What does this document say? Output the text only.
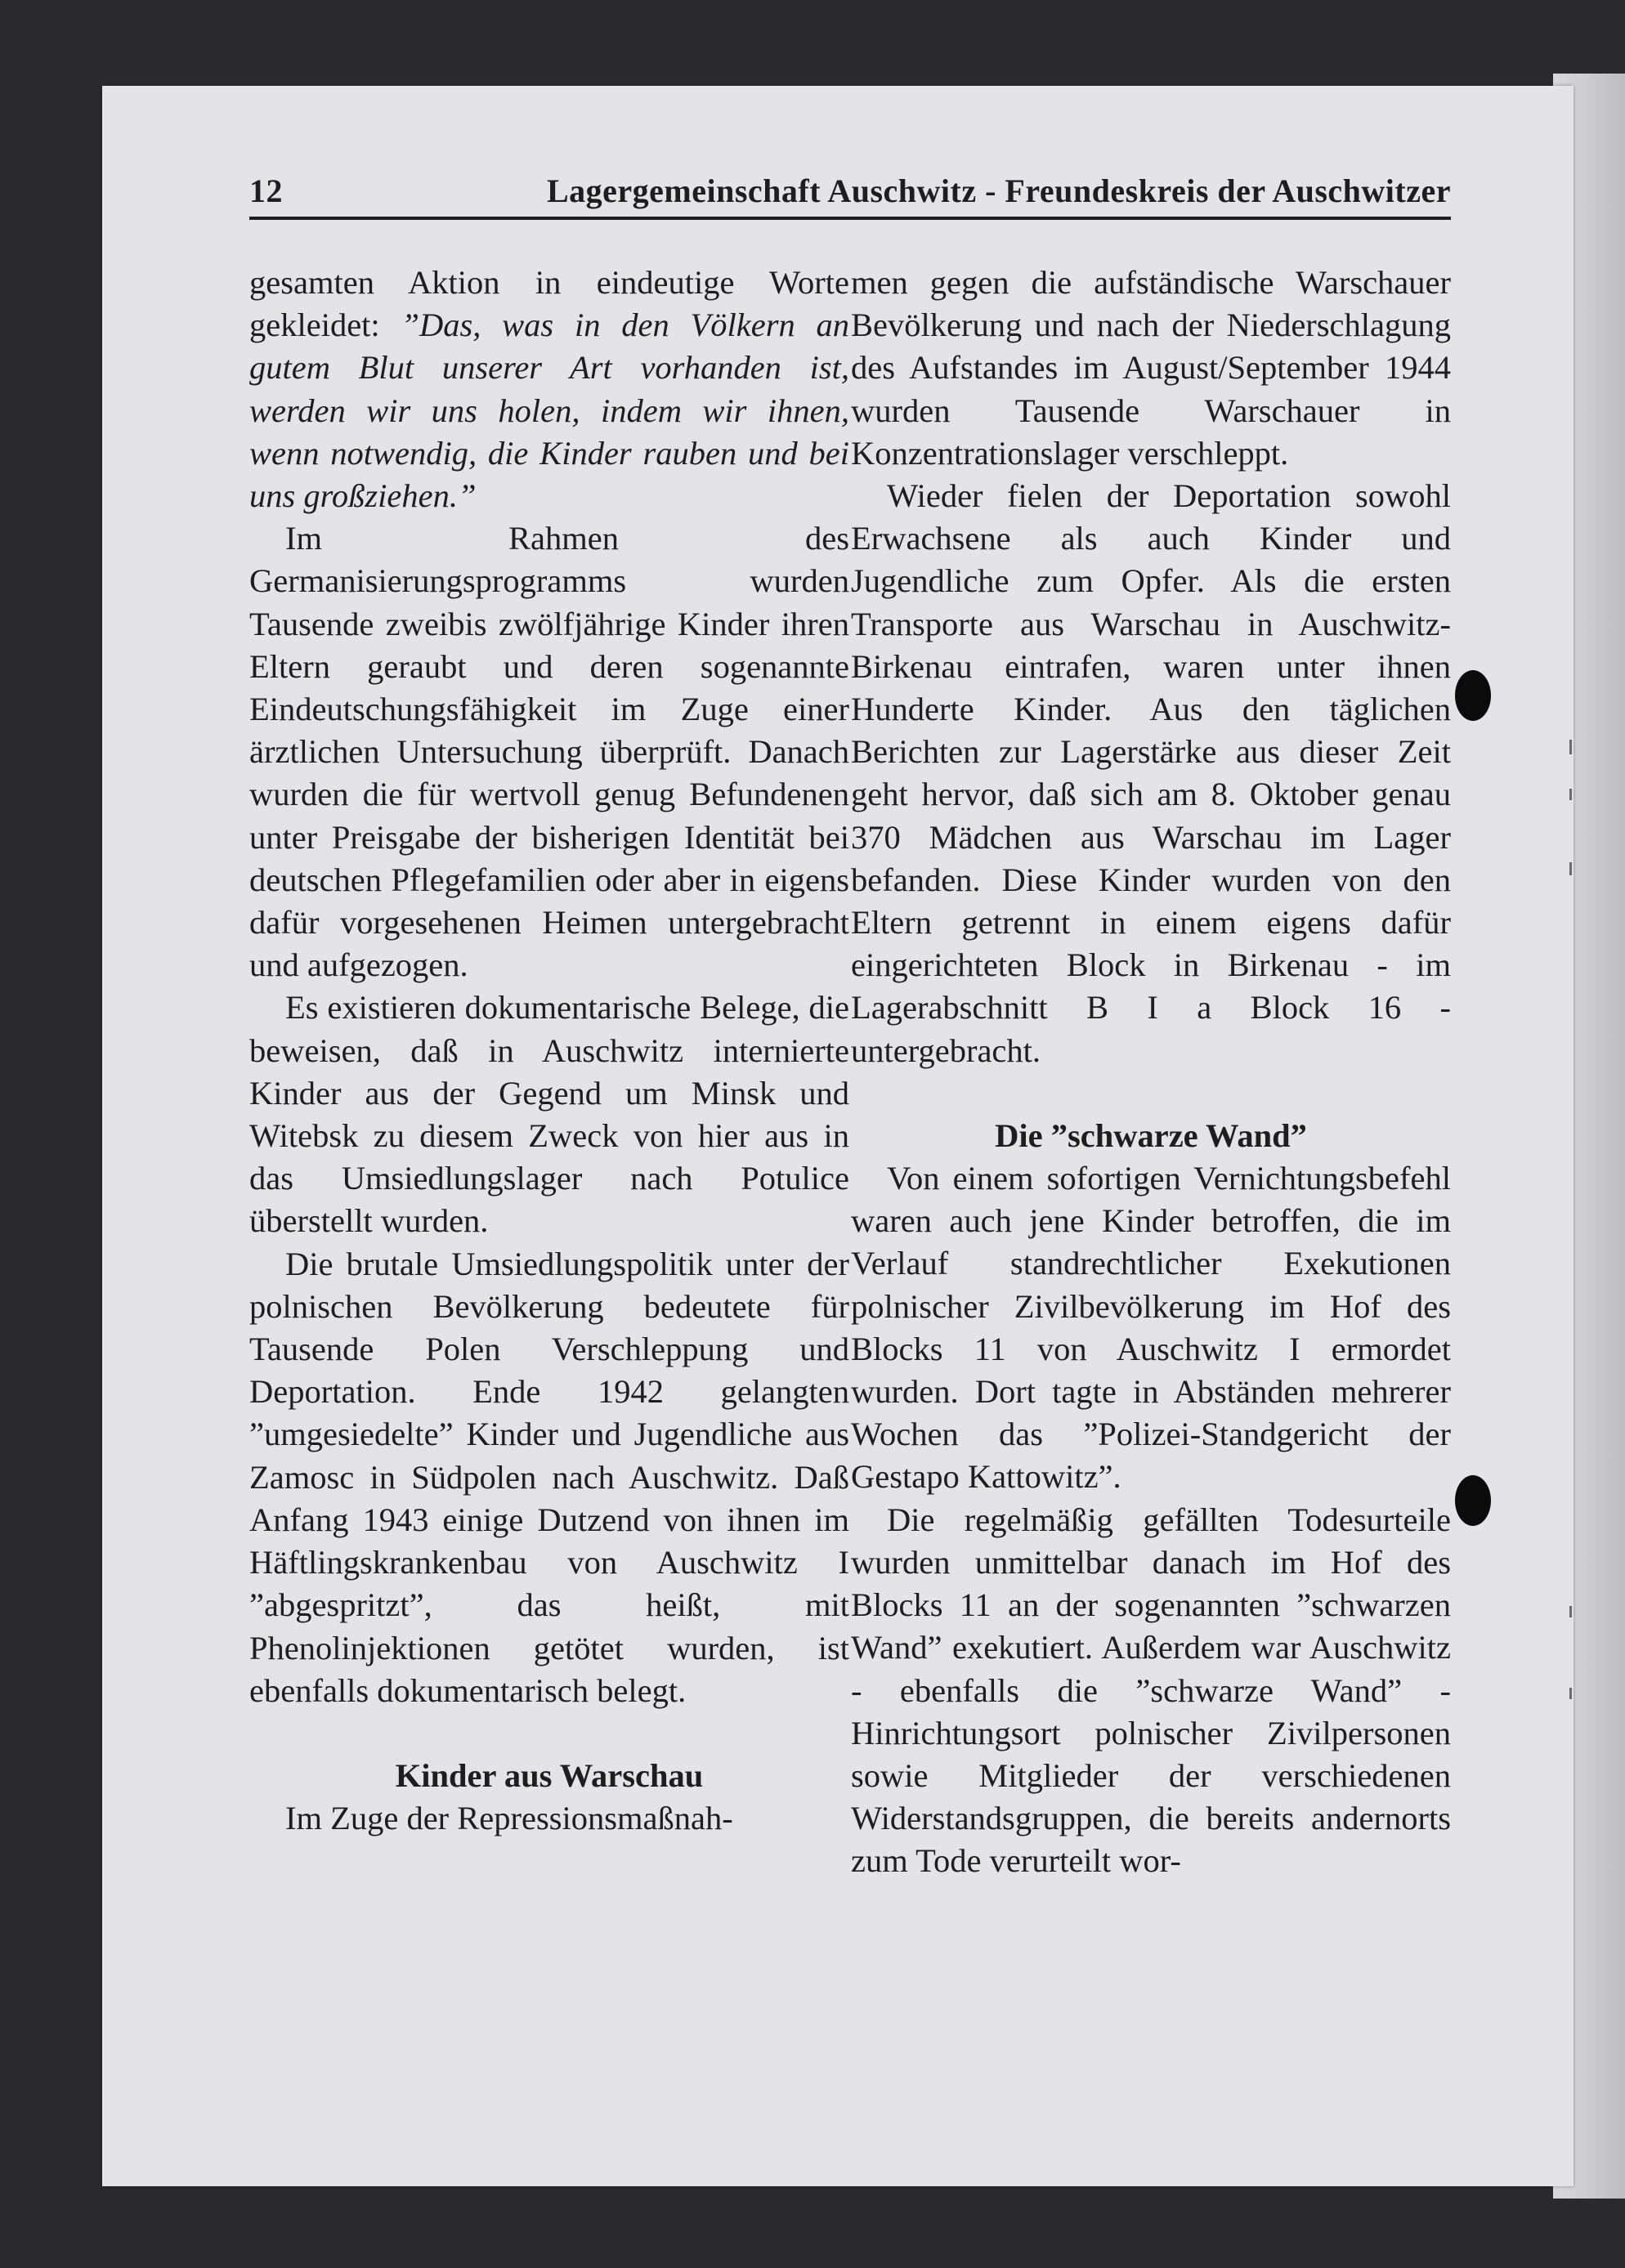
12	Lagergemeinschaft Auschwitz - Freundeskreis der Auschwitzer

gesamten Aktion in eindeutige Worte gekleidet: ”Das, was in den Völkern an gutem Blut unserer Art vorhanden ist, werden wir uns holen, indem wir ihnen, wenn notwendig, die Kinder rauben und bei uns großziehen.”

Im Rahmen des Germanisierungsprogramms wurden Tausende zweibis zwölfjährige Kinder ihren Eltern geraubt und deren sogenannte Eindeutschungsfähigkeit im Zuge einer ärztlichen Untersuchung überprüft. Danach wurden die für wertvoll genug Befundenen unter Preisgabe der bisherigen Identität bei deutschen Pflegefamilien oder aber in eigens dafür vorgesehenen Heimen untergebracht und aufgezogen.

Es existieren dokumentarische Belege, die beweisen, daß in Auschwitz internierte Kinder aus der Gegend um Minsk und Witebsk zu diesem Zweck von hier aus in das Umsiedlungslager nach Potulice überstellt wurden.

Die brutale Umsiedlungspolitik unter der polnischen Bevölkerung bedeutete für Tausende Polen Verschleppung und Deportation. Ende 1942 gelangten ”umgesiedelte” Kinder und Jugendliche aus Zamosc in Südpolen nach Auschwitz. Daß Anfang 1943 einige Dutzend von ihnen im Häftlingskrankenbau von Auschwitz I ”abgespritzt”, das heißt, mit Phenolinjektionen getötet wurden, ist ebenfalls dokumentarisch belegt.

Kinder aus Warschau

Im Zuge der Repressionsmaßnah-

men gegen die aufständische Warschauer Bevölkerung und nach der Niederschlagung des Aufstandes im August/September 1944 wurden Tausende Warschauer in Konzentrationslager verschleppt.

Wieder fielen der Deportation sowohl Erwachsene als auch Kinder und Jugendliche zum Opfer. Als die ersten Transporte aus Warschau in Auschwitz-Birkenau eintrafen, waren unter ihnen Hunderte Kinder. Aus den täglichen Berichten zur Lagerstärke aus dieser Zeit geht hervor, daß sich am 8. Oktober genau 370 Mädchen aus Warschau im Lager befanden. Diese Kinder wurden von den Eltern getrennt in einem eigens dafür eingerichteten Block in Birkenau - im Lagerabschnitt B I a Block 16 - untergebracht.

Die ”schwarze Wand”

Von einem sofortigen Vernichtungsbefehl waren auch jene Kinder betroffen, die im Verlauf standrechtlicher Exekutionen polnischer Zivilbevölkerung im Hof des Blocks 11 von Auschwitz I ermordet wurden. Dort tagte in Abständen mehrerer Wochen das ”Polizei-Standgericht der Gestapo Kattowitz”.

Die regelmäßig gefällten Todesurteile wurden unmittelbar danach im Hof des Blocks 11 an der sogenannten ”schwarzen Wand” exekutiert. Außerdem war Auschwitz - ebenfalls die ”schwarze Wand” - Hinrichtungsort polnischer Zivilpersonen sowie Mitglieder der verschiedenen Widerstandsgruppen, die bereits andernorts zum Tode verurteilt wor-
